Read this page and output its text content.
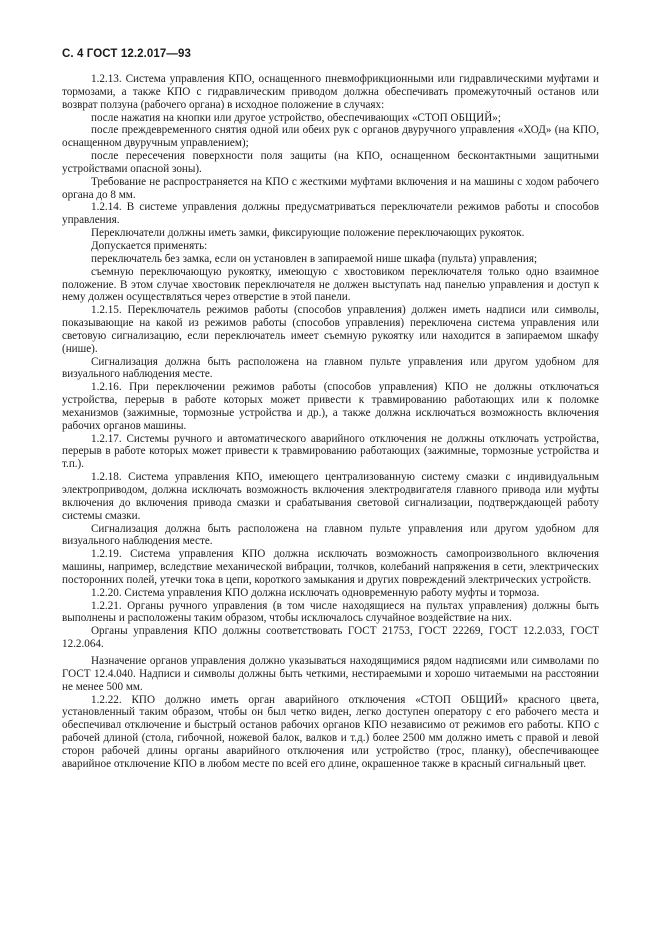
С. 4 ГОСТ 12.2.017—93

1.2.13. Система управления КПО, оснащенного пневмофрикционными или гидравлическими муфтами и тормозами, а также КПО с гидравлическим приводом должна обеспечивать промежуточный останов или возврат ползуна (рабочего органа) в исходное положение в случаях:

после нажатия на кнопки или другое устройство, обеспечивающих «СТОП ОБЩИЙ»;

после преждевременного снятия одной или обеих рук с органов двуручного управления «ХОД» (на КПО, оснащенном двуручным управлением);

после пересечения поверхности поля защиты (на КПО, оснащенном бесконтактными защитными устройствами опасной зоны).

Требование не распространяется на КПО с жесткими муфтами включения и на машины с ходом рабочего органа до 8 мм.

1.2.14. В системе управления должны предусматриваться переключатели режимов работы и способов управления.

Переключатели должны иметь замки, фиксирующие положение переключающих рукояток.

Допускается применять:

переключатель без замка, если он установлен в запираемой нише шкафа (пульта) управления;

съемную переключающую рукоятку, имеющую с хвостовиком переключателя только одно взаимное положение. В этом случае хвостовик переключателя не должен выступать над панелью управления и доступ к нему должен осуществляться через отверстие в этой панели.

1.2.15. Переключатель режимов работы (способов управления) должен иметь надписи или символы, показывающие на какой из режимов работы (способов управления) переключена система управления или световую сигнализацию, если переключатель имеет съемную рукоятку или находится в запираемом шкафу (нише).

Сигнализация должна быть расположена на главном пульте управления или другом удобном для визуального наблюдения месте.

1.2.16. При переключении режимов работы (способов управления) КПО не должны отключаться устройства, перерыв в работе которых может привести к травмированию работающих или к поломке механизмов (зажимные, тормозные устройства и др.), а также должна исключаться возможность включения рабочих органов машины.

1.2.17. Системы ручного и автоматического аварийного отключения не должны отключать устройства, перерыв в работе которых может привести к травмированию работающих (зажимные, тормозные устройства и т.п.).

1.2.18. Система управления КПО, имеющего централизованную систему смазки с индивидуальным электроприводом, должна исключать возможность включения электродвигателя главного привода или муфты включения до включения привода смазки и срабатывания световой сигнализации, подтверждающей работу системы смазки.

Сигнализация должна быть расположена на главном пульте управления или другом удобном для визуального наблюдения месте.

1.2.19. Система управления КПО должна исключать возможность самопроизвольного включения машины, например, вследствие механической вибрации, толчков, колебаний напряжения в сети, электрических посторонних полей, утечки тока в цепи, короткого замыкания и других повреждений электрических устройств.

1.2.20. Система управления КПО должна исключать одновременную работу муфты и тормоза.

1.2.21. Органы ручного управления (в том числе находящиеся на пультах управления) должны быть выполнены и расположены таким образом, чтобы исключалось случайное воздействие на них.

Органы управления КПО должны соответствовать ГОСТ 21753, ГОСТ 22269, ГОСТ 12.2.033, ГОСТ 12.2.064.

Назначение органов управления должно указываться находящимися рядом надписями или символами по ГОСТ 12.4.040. Надписи и символы должны быть четкими, нестираемыми и хорошо читаемыми на расстоянии не менее 500 мм.

1.2.22. КПО должно иметь орган аварийного отключения «СТОП ОБЩИЙ» красного цвета, установленный таким образом, чтобы он был четко виден, легко доступен оператору с его рабочего места и обеспечивал отключение и быстрый останов рабочих органов КПО независимо от режимов его работы. КПО с рабочей длиной (стола, гибочной, ножевой балок, валков и т.д.) более 2500 мм должно иметь с правой и левой сторон рабочей длины органы аварийного отключения или устройство (трос, планку), обеспечивающее аварийное отключение КПО в любом месте по всей его длине, окрашенное также в красный сигнальный цвет.
